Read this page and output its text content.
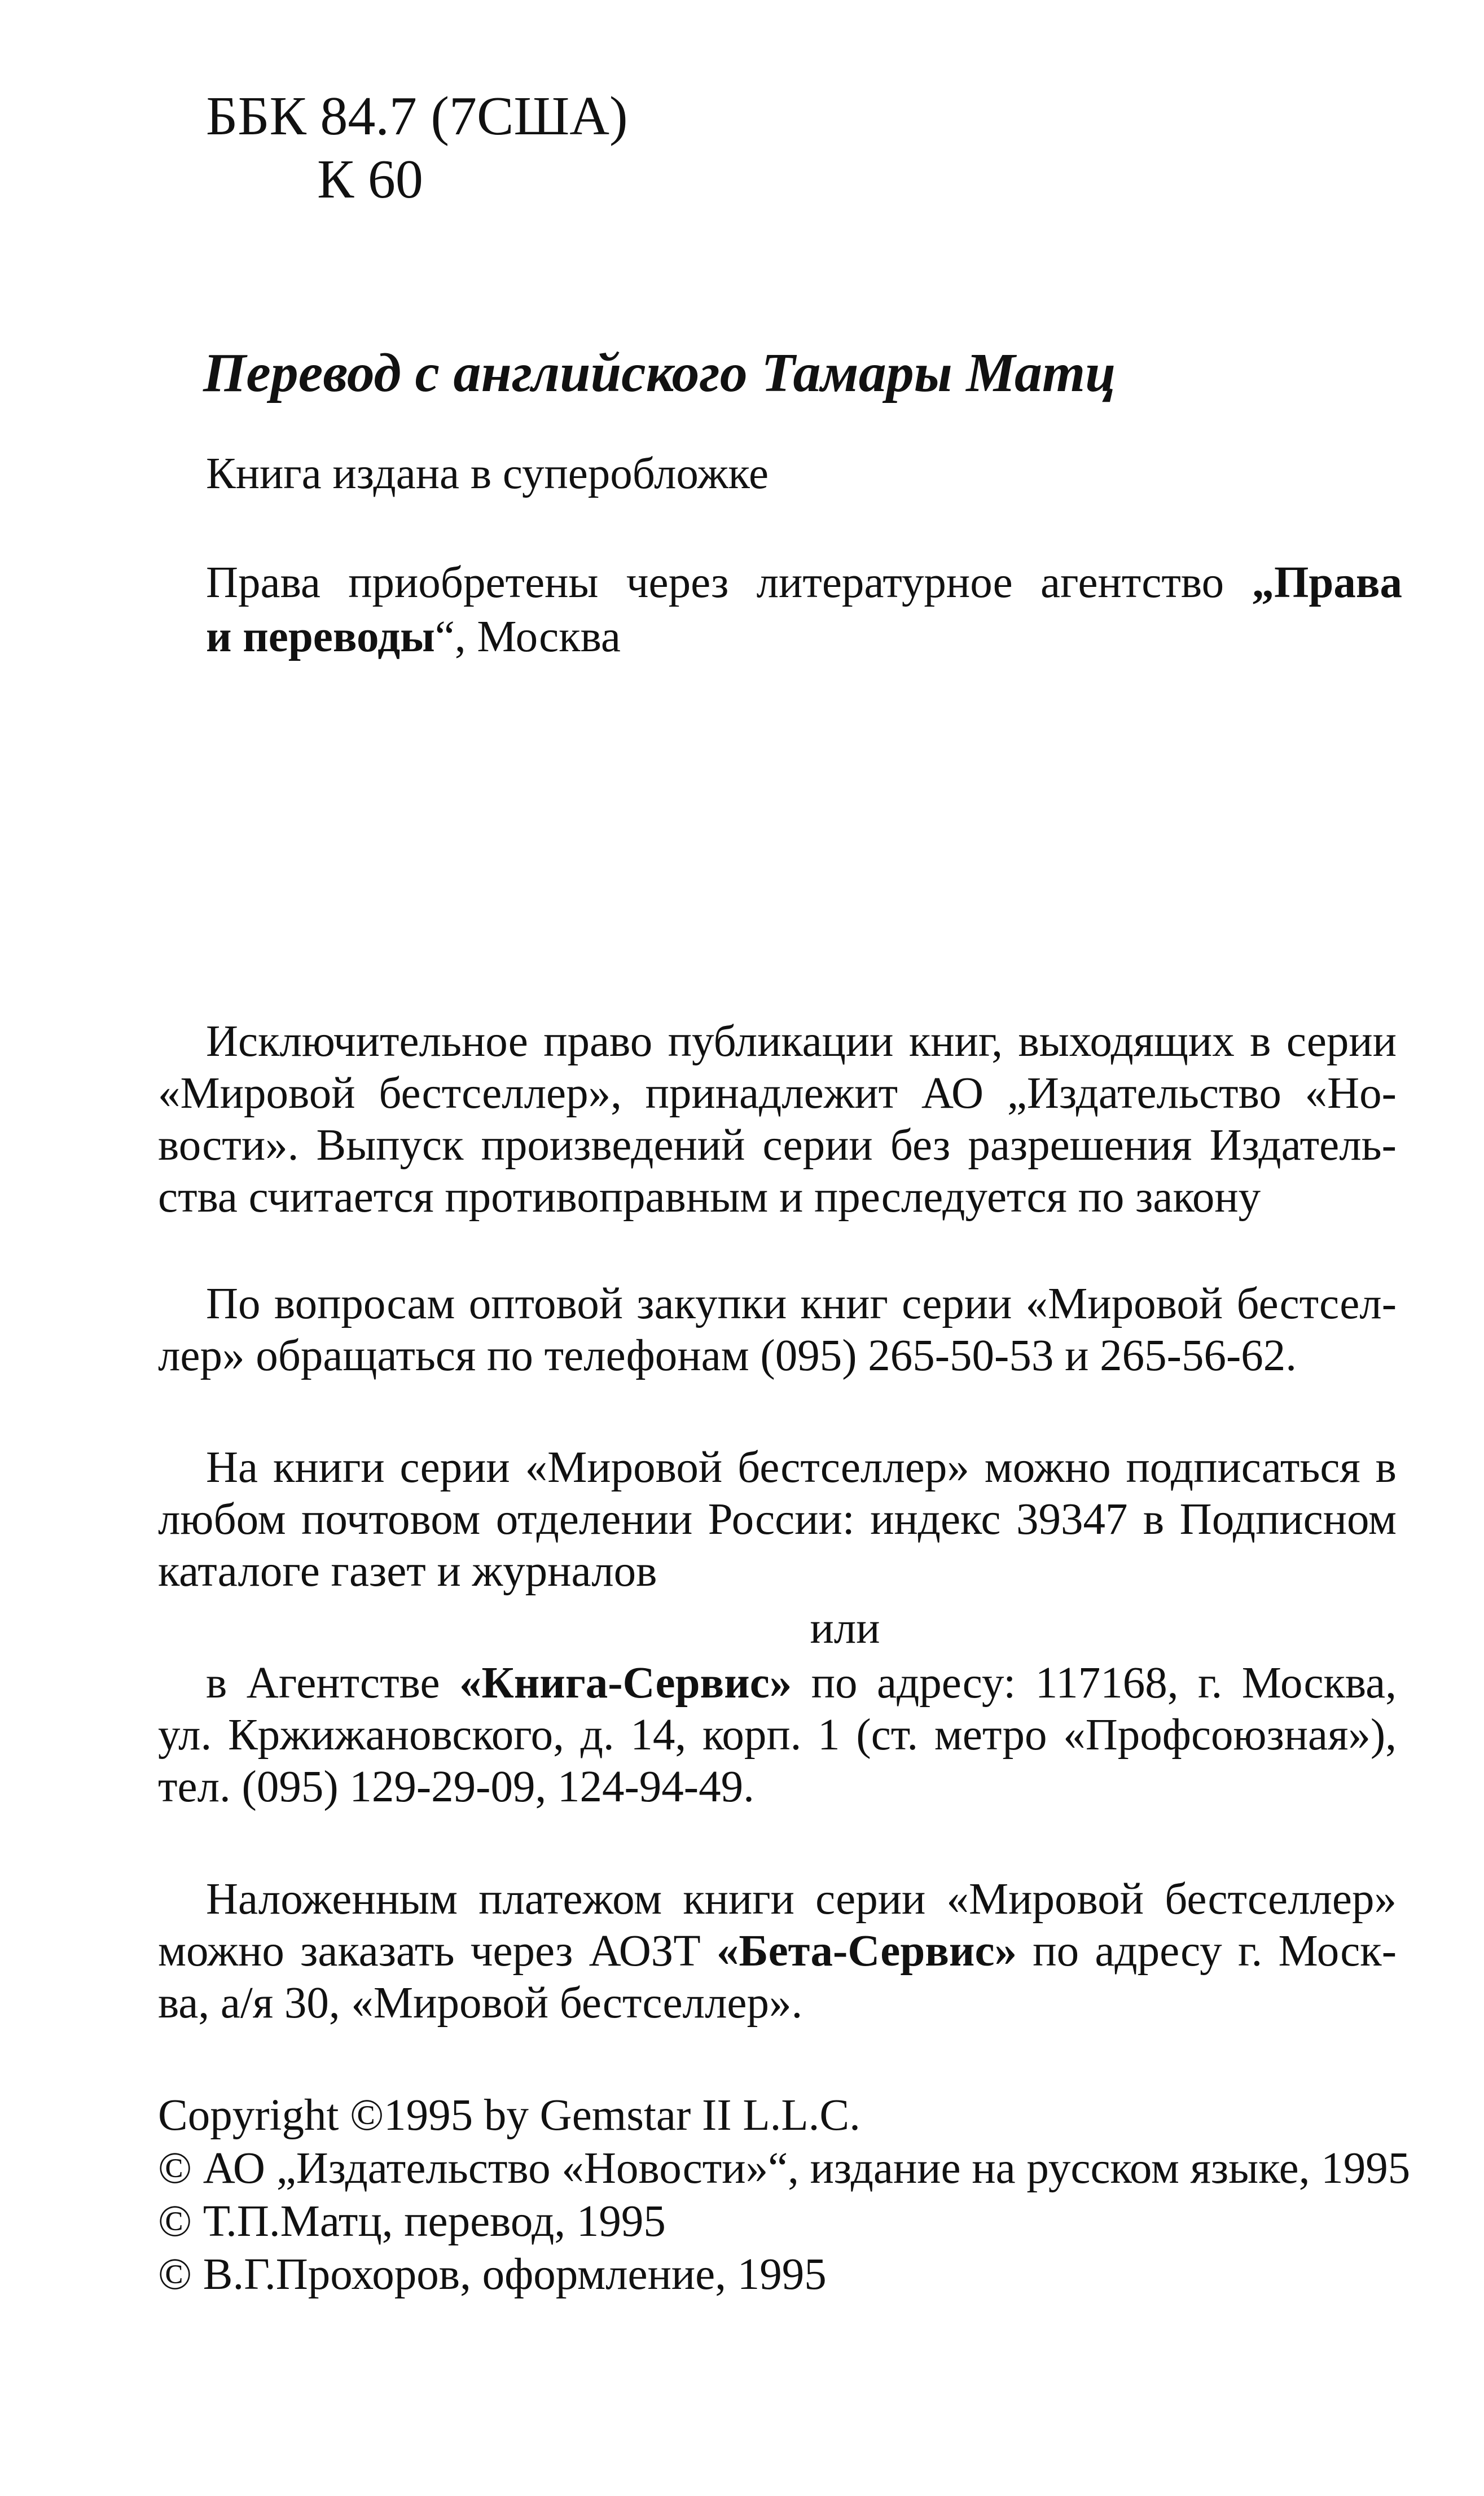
ББК 84.7 (7США)
К 60

Перевод с английского Тамары Матц

Книга издана в суперобложке

Права приобретены через литературное агентство „Права
и переводы“, Москва

Исключительное право публикации книг, выходящих в серии
«Мировой бестселлер», принадлежит АО „Издательство «Но-
вости». Выпуск произведений серии без разрешения Издатель-
ства считается противоправным и преследуется по закону

По вопросам оптовой закупки книг серии «Мировой бестсел-
лер» обращаться по телефонам (095) 265-50-53 и 265-56-62.

На книги серии «Мировой бестселлер» можно подписаться в
любом почтовом отделении России: индекс 39347 в Подписном
каталоге газет и журналов

или

в Агентстве «Книга-Сервис» по адресу: 117168, г. Москва,
ул. Кржижановского, д. 14, корп. 1 (ст. метро «Профсоюзная»),
тел. (095) 129-29-09, 124-94-49.

Наложенным платежом книги серии «Мировой бестселлер»
можно заказать через АОЗТ «Бета-Сервис» по адресу г. Моск-
ва, а/я 30, «Мировой бестселлер».

Copyright ©1995 by Gemstar II L.L.C.
© АО „Издательство «Новости»“, издание на русском языке, 1995
© Т.П.Матц, перевод, 1995
© В.Г.Прохоров, оформление, 1995
